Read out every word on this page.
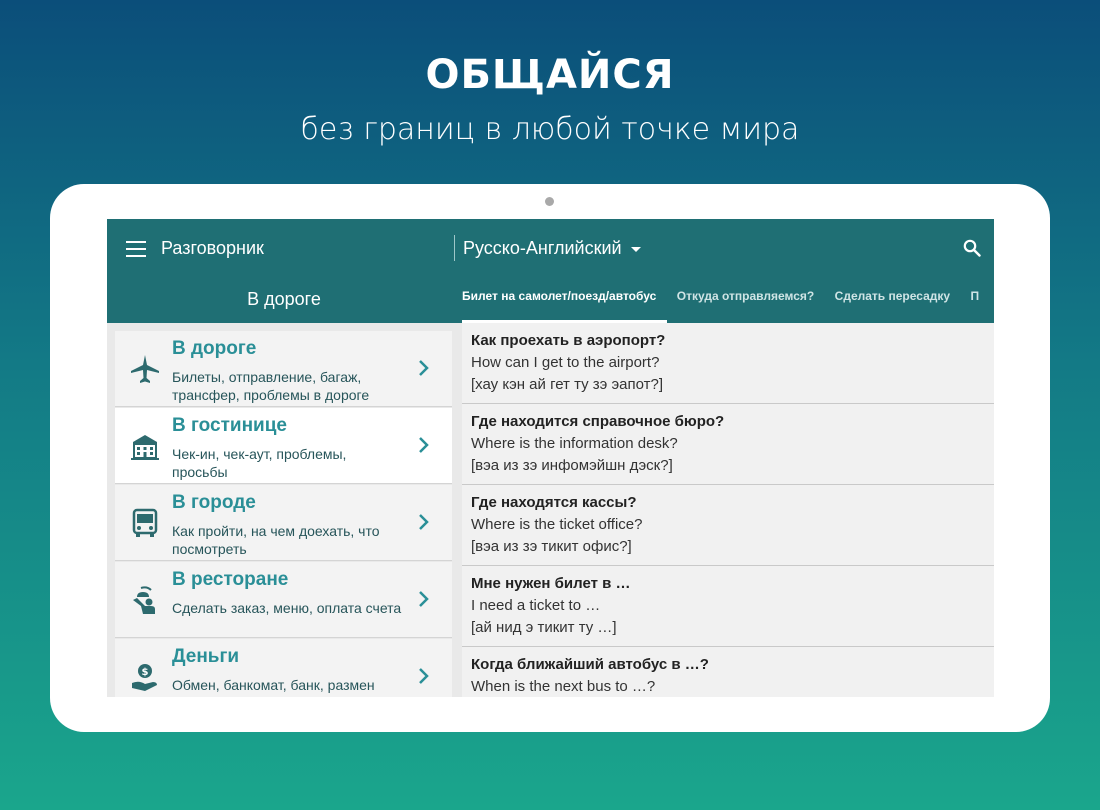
ОБЩАЙСЯ
без границ в любой точке мира
Разговорник	Русско-Английский
В дороге	Билет на самолет/поезд/автобус Откуда отправляемся? Сделать пересадку П
В дороге
Билеты, отправление, багаж, трансфер, проблемы в дороге
В гостинице
Чек-ин, чек-аут, проблемы, просьбы
В городе
Как пройти, на чем доехать, что посмотреть
В ресторане
Сделать заказ, меню, оплата счета
$
Деньги
Обмен, банкомат, банк, размен
Как проехать в аэропорт?
How can I get to the airport?
[хау кэн ай гет ту зэ эапот?]
Где находится справочное бюро?
Where is the information desk?
[вэа из зэ инфомэйшн дэск?]
Где находятся кассы?
Where is the ticket office?
[вэа из зэ тикит офис?]
Мне нужен билет в …
I need a ticket to …
[ай нид э тикит ту …]
Когда ближайший автобус в …?
When is the next bus to …?
